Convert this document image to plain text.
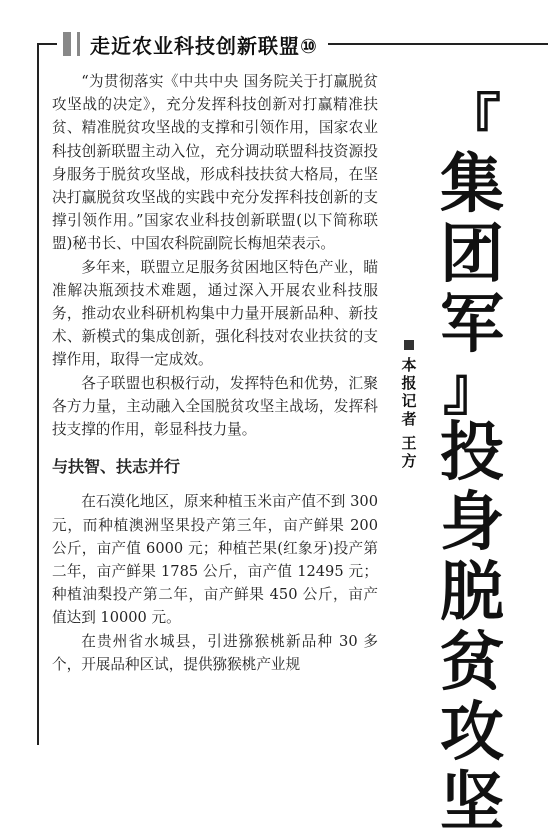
走近农业科技创新联盟⑩
『
集
团
军
』
投
身
脱
贫
攻
坚
本
报
记
者
王
方

“为贯彻落实《中共中央 国务院关于打赢脱贫攻坚战的决定》，充分发挥科技创新对打赢精准扶贫、精准脱贫攻坚战的支撑和引领作用，国家农业科技创新联盟主动入位，充分调动联盟科技资源投身服务于脱贫攻坚战，形成科技扶贫大格局，在坚决打赢脱贫攻坚战的实践中充分发挥科技创新的支撑引领作用。”国家农业科技创新联盟(以下简称联盟)秘书长、中国农科院副院长梅旭荣表示。

多年来，联盟立足服务贫困地区特色产业，瞄准解决瓶颈技术难题，通过深入开展农业科技服务，推动农业科研机构集中力量开展新品种、新技术、新模式的集成创新，强化科技对农业扶贫的支撑作用，取得一定成效。

各子联盟也积极行动，发挥特色和优势，汇聚各方力量，主动融入全国脱贫攻坚主战场，发挥科技支撑的作用，彰显科技力量。

与扶智、扶志并行

在石漠化地区，原来种植玉米亩产值不到 300 元，而种植澳洲坚果投产第三年，亩产鲜果 200 公斤，亩产值 6000 元；种植芒果(红象牙)投产第二年，亩产鲜果 1785 公斤，亩产值 12495 元；种植油梨投产第二年，亩产鲜果 450 公斤，亩产值达到 10000 元。

在贵州省水城县，引进猕猴桃新品种 30 多个，开展品种区试，提供猕猴桃产业规
